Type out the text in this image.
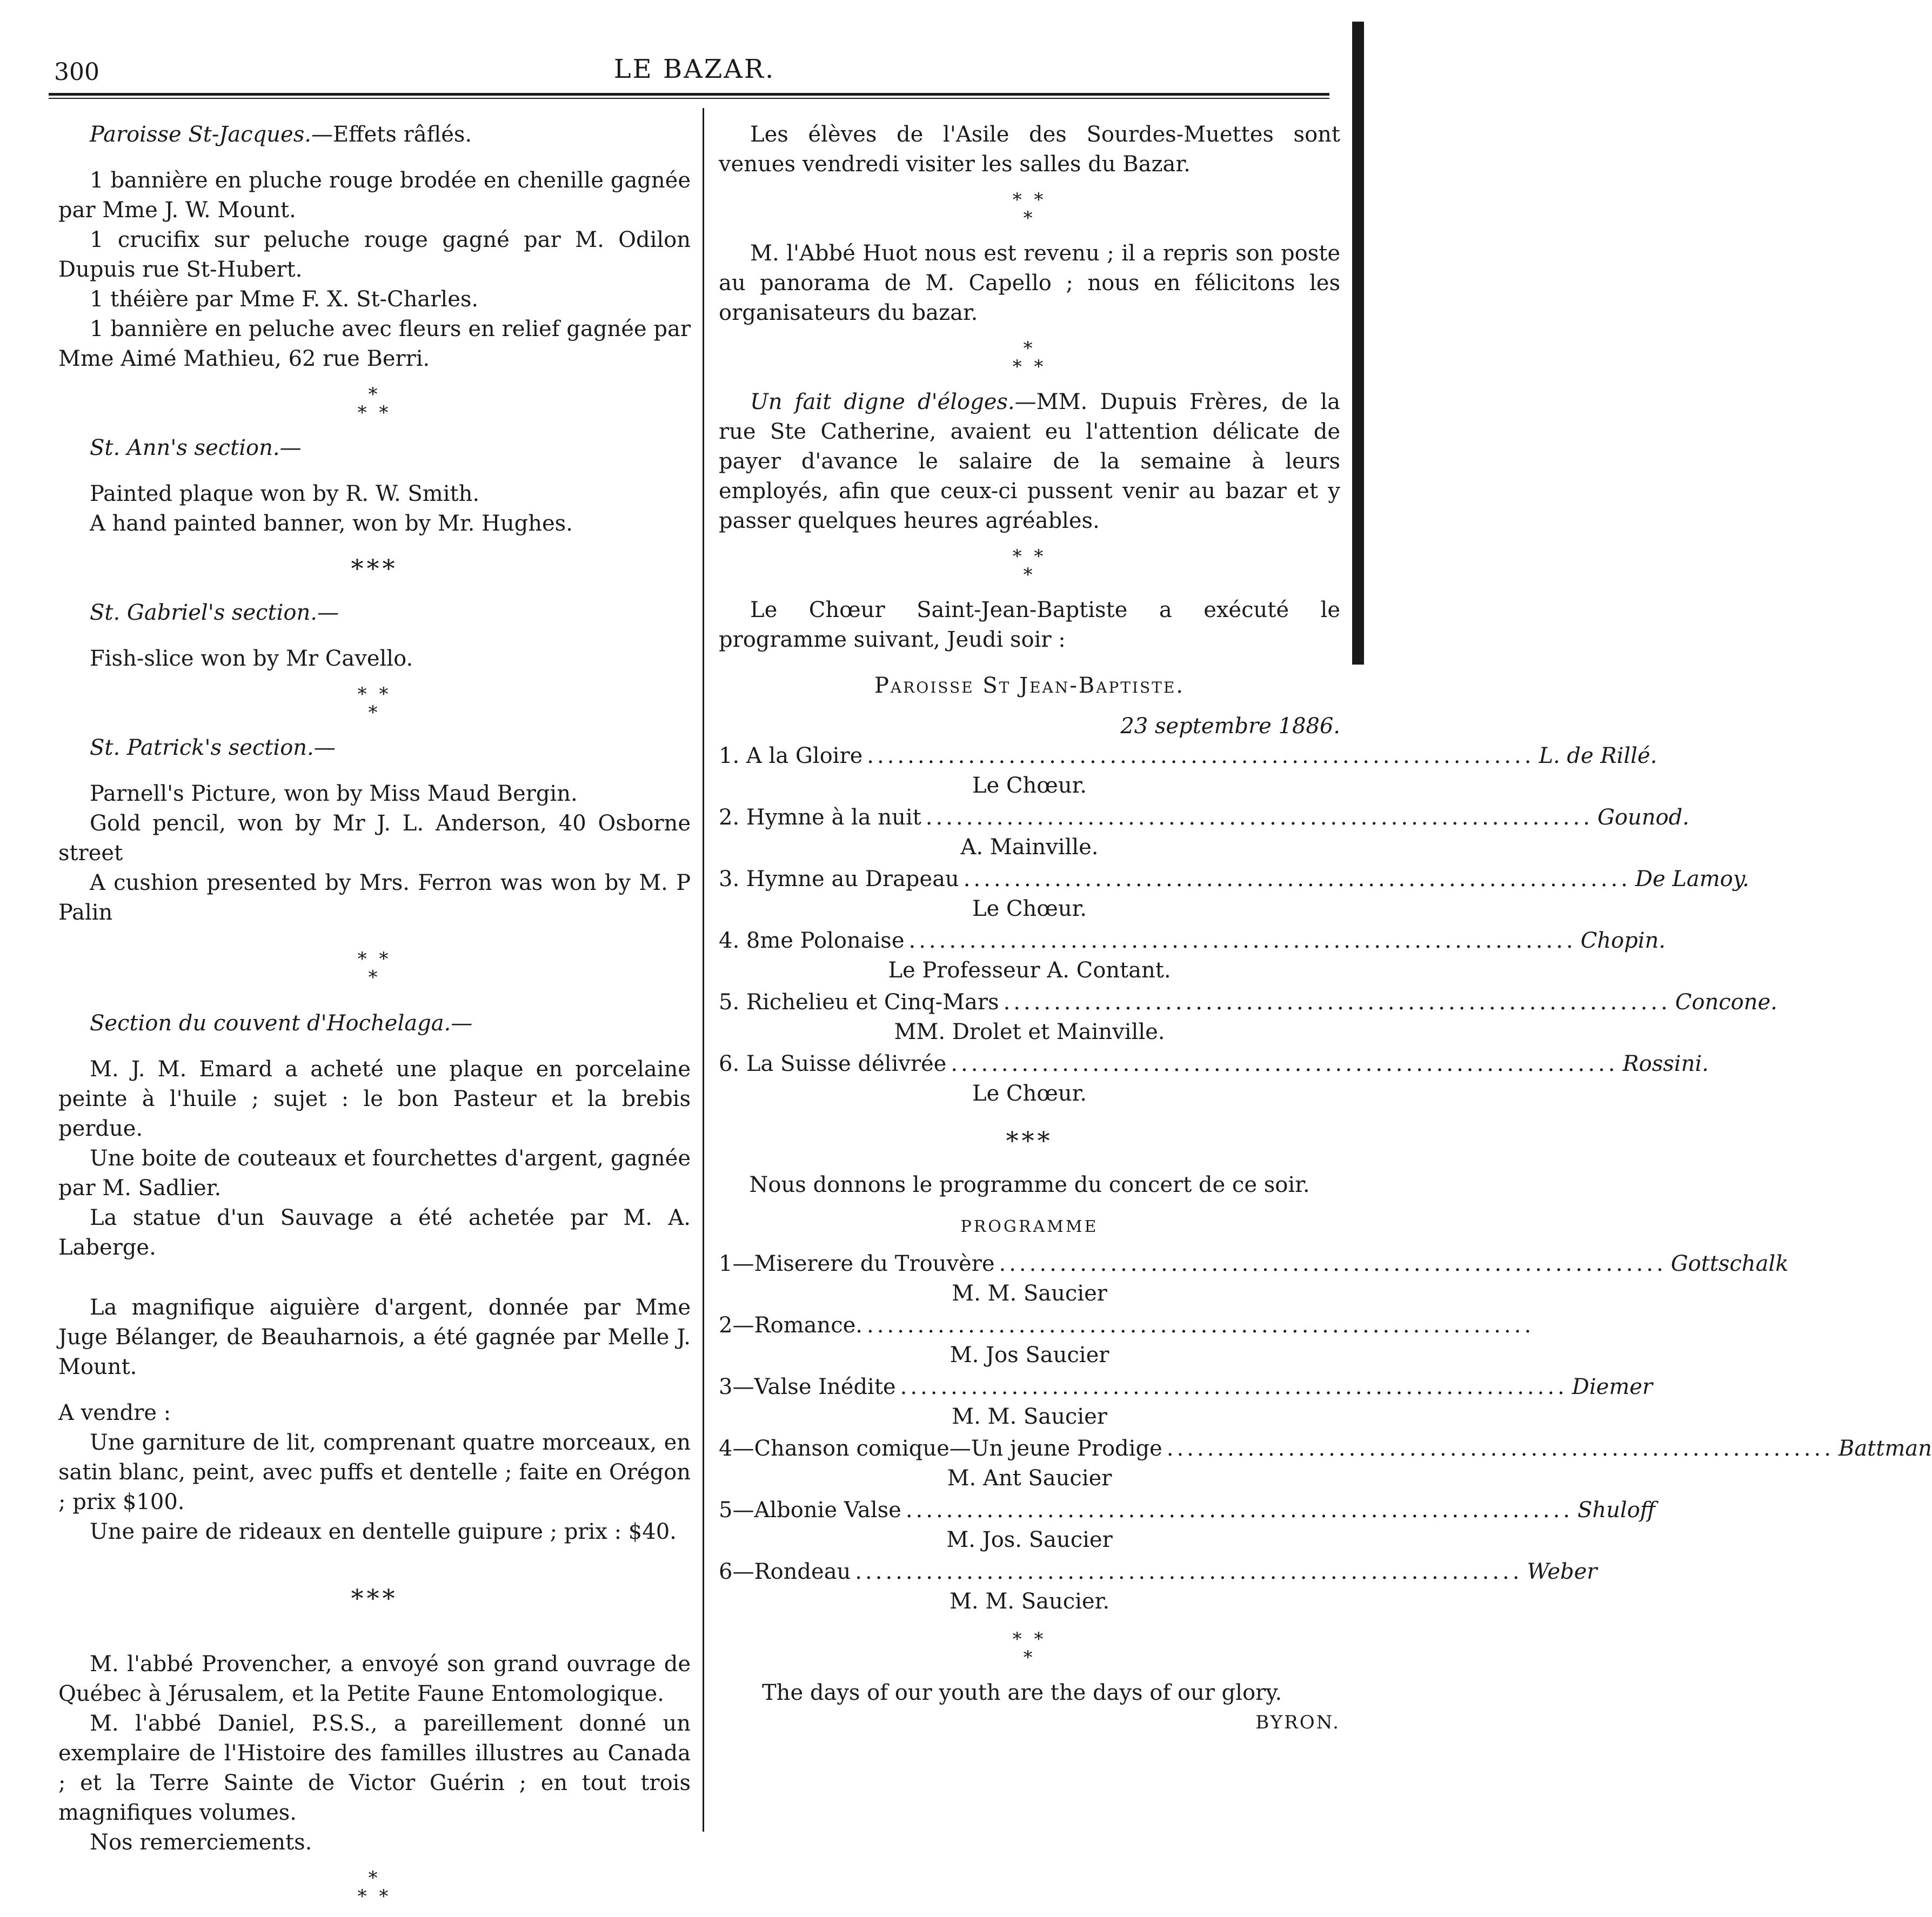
300	LE BAZAR.

Paroisse St-Jacques.—Effets râflés.

1 bannière en pluche rouge brodée en chenille gagnée par Mme J. W. Mount.

1 crucifix sur peluche rouge gagné par M. Odilon Dupuis rue St-Hubert.

1 théière par Mme F. X. St-Charles.

1 bannière en peluche avec fleurs en relief gagnée par Mme Aimé Mathieu, 62 rue Berri.

*
* *

St. Ann's section.—

Painted plaque won by R. W. Smith.

A hand painted banner, won by Mr. Hughes.

***

St. Gabriel's section.—

Fish-slice won by Mr Cavello.

* *
*

St. Patrick's section.—

Parnell's Picture, won by Miss Maud Bergin.

Gold pencil, won by Mr J. L. Anderson, 40 Osborne street

A cushion presented by Mrs. Ferron was won by M. P Palin

* *
*

Section du couvent d'Hochelaga.—

M. J. M. Emard a acheté une plaque en porcelaine peinte à l'huile ; sujet : le bon Pasteur et la brebis perdue.

Une boite de couteaux et fourchettes d'argent, gagnée par M. Sadlier.

La statue d'un Sauvage a été achetée par M. A. Laberge.

La magnifique aiguière d'argent, donnée par Mme Juge Bélanger, de Beauharnois, a été gagnée par Melle J. Mount.

A vendre :

Une garniture de lit, comprenant quatre morceaux, en satin blanc, peint, avec puffs et dentelle ; faite en Orégon ; prix $100.

Une paire de rideaux en dentelle guipure ; prix : $40.

***

M. l'abbé Provencher, a envoyé son grand ouvrage de Québec à Jérusalem, et la Petite Faune Entomologique.

M. l'abbé Daniel, P.S.S., a pareillement donné un exemplaire de l'Histoire des familles illustres au Canada ; et la Terre Sainte de Victor Guérin ; en tout trois magnifiques volumes.

Nos remerciements.

*
* *

Les élèves de l'Asile des Sourdes-Muettes sont venues vendredi visiter les salles du Bazar.

* *
*

M. l'Abbé Huot nous est revenu ; il a repris son poste au panorama de M. Capello ; nous en félicitons les organisateurs du bazar.

*
* *

Un fait digne d'éloges.—MM. Dupuis Frères, de la rue Ste Catherine, avaient eu l'attention délicate de payer d'avance le salaire de la semaine à leurs employés, afin que ceux-ci pussent venir au bazar et y passer quelques heures agréables.

* *
*

Le Chœur Saint-Jean-Baptiste a exécuté le programme suivant, Jeudi soir :

Paroisse St Jean-Baptiste.

23 septembre 1886.

1. A la Gloire .................................................................. L. de Rillé.

Le Chœur.

2. Hymne à la nuit .................................................................. Gounod.

A. Mainville.

3. Hymne au Drapeau .................................................................. De Lamoy.

Le Chœur.

4. 8me Polonaise .................................................................. Chopin.

Le Professeur A. Contant.

5. Richelieu et Cinq-Mars .................................................................. Concone.

MM. Drolet et Mainville.

6. La Suisse délivrée .................................................................. Rossini.

Le Chœur.

***

Nous donnons le programme du concert de ce soir.

PROGRAMME

1—Miserere du Trouvère .................................................................. Gottschalk

M. M. Saucier

2—Romance. ..................................................................

M. Jos Saucier

3—Valse Inédite .................................................................. Diemer

M. M. Saucier

4—Chanson comique—Un jeune Prodige .................................................................. Battman

M. Ant Saucier

5—Albonie Valse .................................................................. Shuloff

M. Jos. Saucier

6—Rondeau .................................................................. Weber

M. M. Saucier.

* *
*

The days of our youth are the days of our glory.

BYRON.
